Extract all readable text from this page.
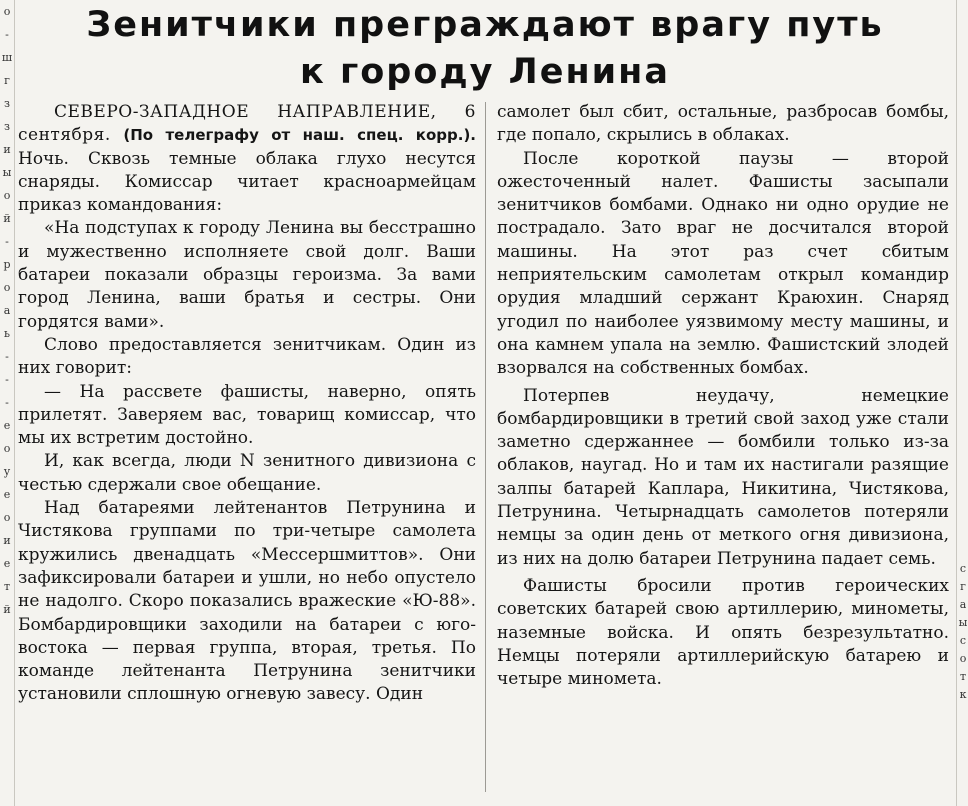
о
-
ш
г
з
з
и
ы
о
й
-
р
о
а
ь
-
-
-
е
о
у
е
о
и
е
т
й
Зенитчики преграждают врагу путь
к городу Ленина

СЕВЕРО-ЗАПАДНОЕ НАПРАВЛЕНИЕ, 6 сентября. (По телеграфу от наш. спец. корр.). Ночь. Сквозь темные облака глухо несутся снаряды. Комиссар читает красноармейцам приказ командования:

«На подступах к городу Ленина вы бесстрашно и мужественно исполняете свой долг. Ваши батареи показали образцы героизма. За вами город Ленина, ваши братья и сестры. Они гордятся вами».

Слово предоставляется зенитчикам. Один из них говорит:

— На рассвете фашисты, наверно, опять прилетят. Заверяем вас, товарищ комиссар, что мы их встретим достойно.

И, как всегда, люди N зенитного дивизиона с честью сдержали свое обещание.

Над батареями лейтенантов Петрунина и Чистякова группами по три-четыре самолета кружились двенадцать «Мессершмиттов». Они зафиксировали батареи и ушли, но небо опустело не надолго. Скоро показались вражеские «Ю-88». Бомбардировщики заходили на батареи с юго-востока — первая группа, вторая, третья. По команде лейтенанта Петрунина зенитчики установили сплошную огневую завесу. Один

самолет был сбит, остальные, разбросав бомбы, где попало, скрылись в облаках.

После короткой паузы — второй ожесточенный налет. Фашисты засыпали зенитчиков бомбами. Однако ни одно орудие не пострадало. Зато враг не досчитался второй машины. На этот раз счет сбитым неприятельским самолетам открыл командир орудия младший сержант Краюхин. Снаряд угодил по наиболее уязвимому месту машины, и она камнем упала на землю. Фашистский злодей взорвался на собственных бомбах.

Потерпев неудачу, немецкие бомбардировщики в третий свой заход уже стали заметно сдержаннее — бомбили только из-за облаков, наугад. Но и там их настигали разящие залпы батарей Каплара, Никитина, Чистякова, Петрунина. Четырнадцать самолетов потеряли немцы за один день от меткого огня дивизиона, из них на долю батареи Петрунина падает семь.

Фашисты бросили против героических советских батарей свою артиллерию, минометы, наземные войска. И опять безрезультатно. Немцы потеряли артиллерийскую батарею и четыре миномета.

с
г
а
ы
с
о
т
к
